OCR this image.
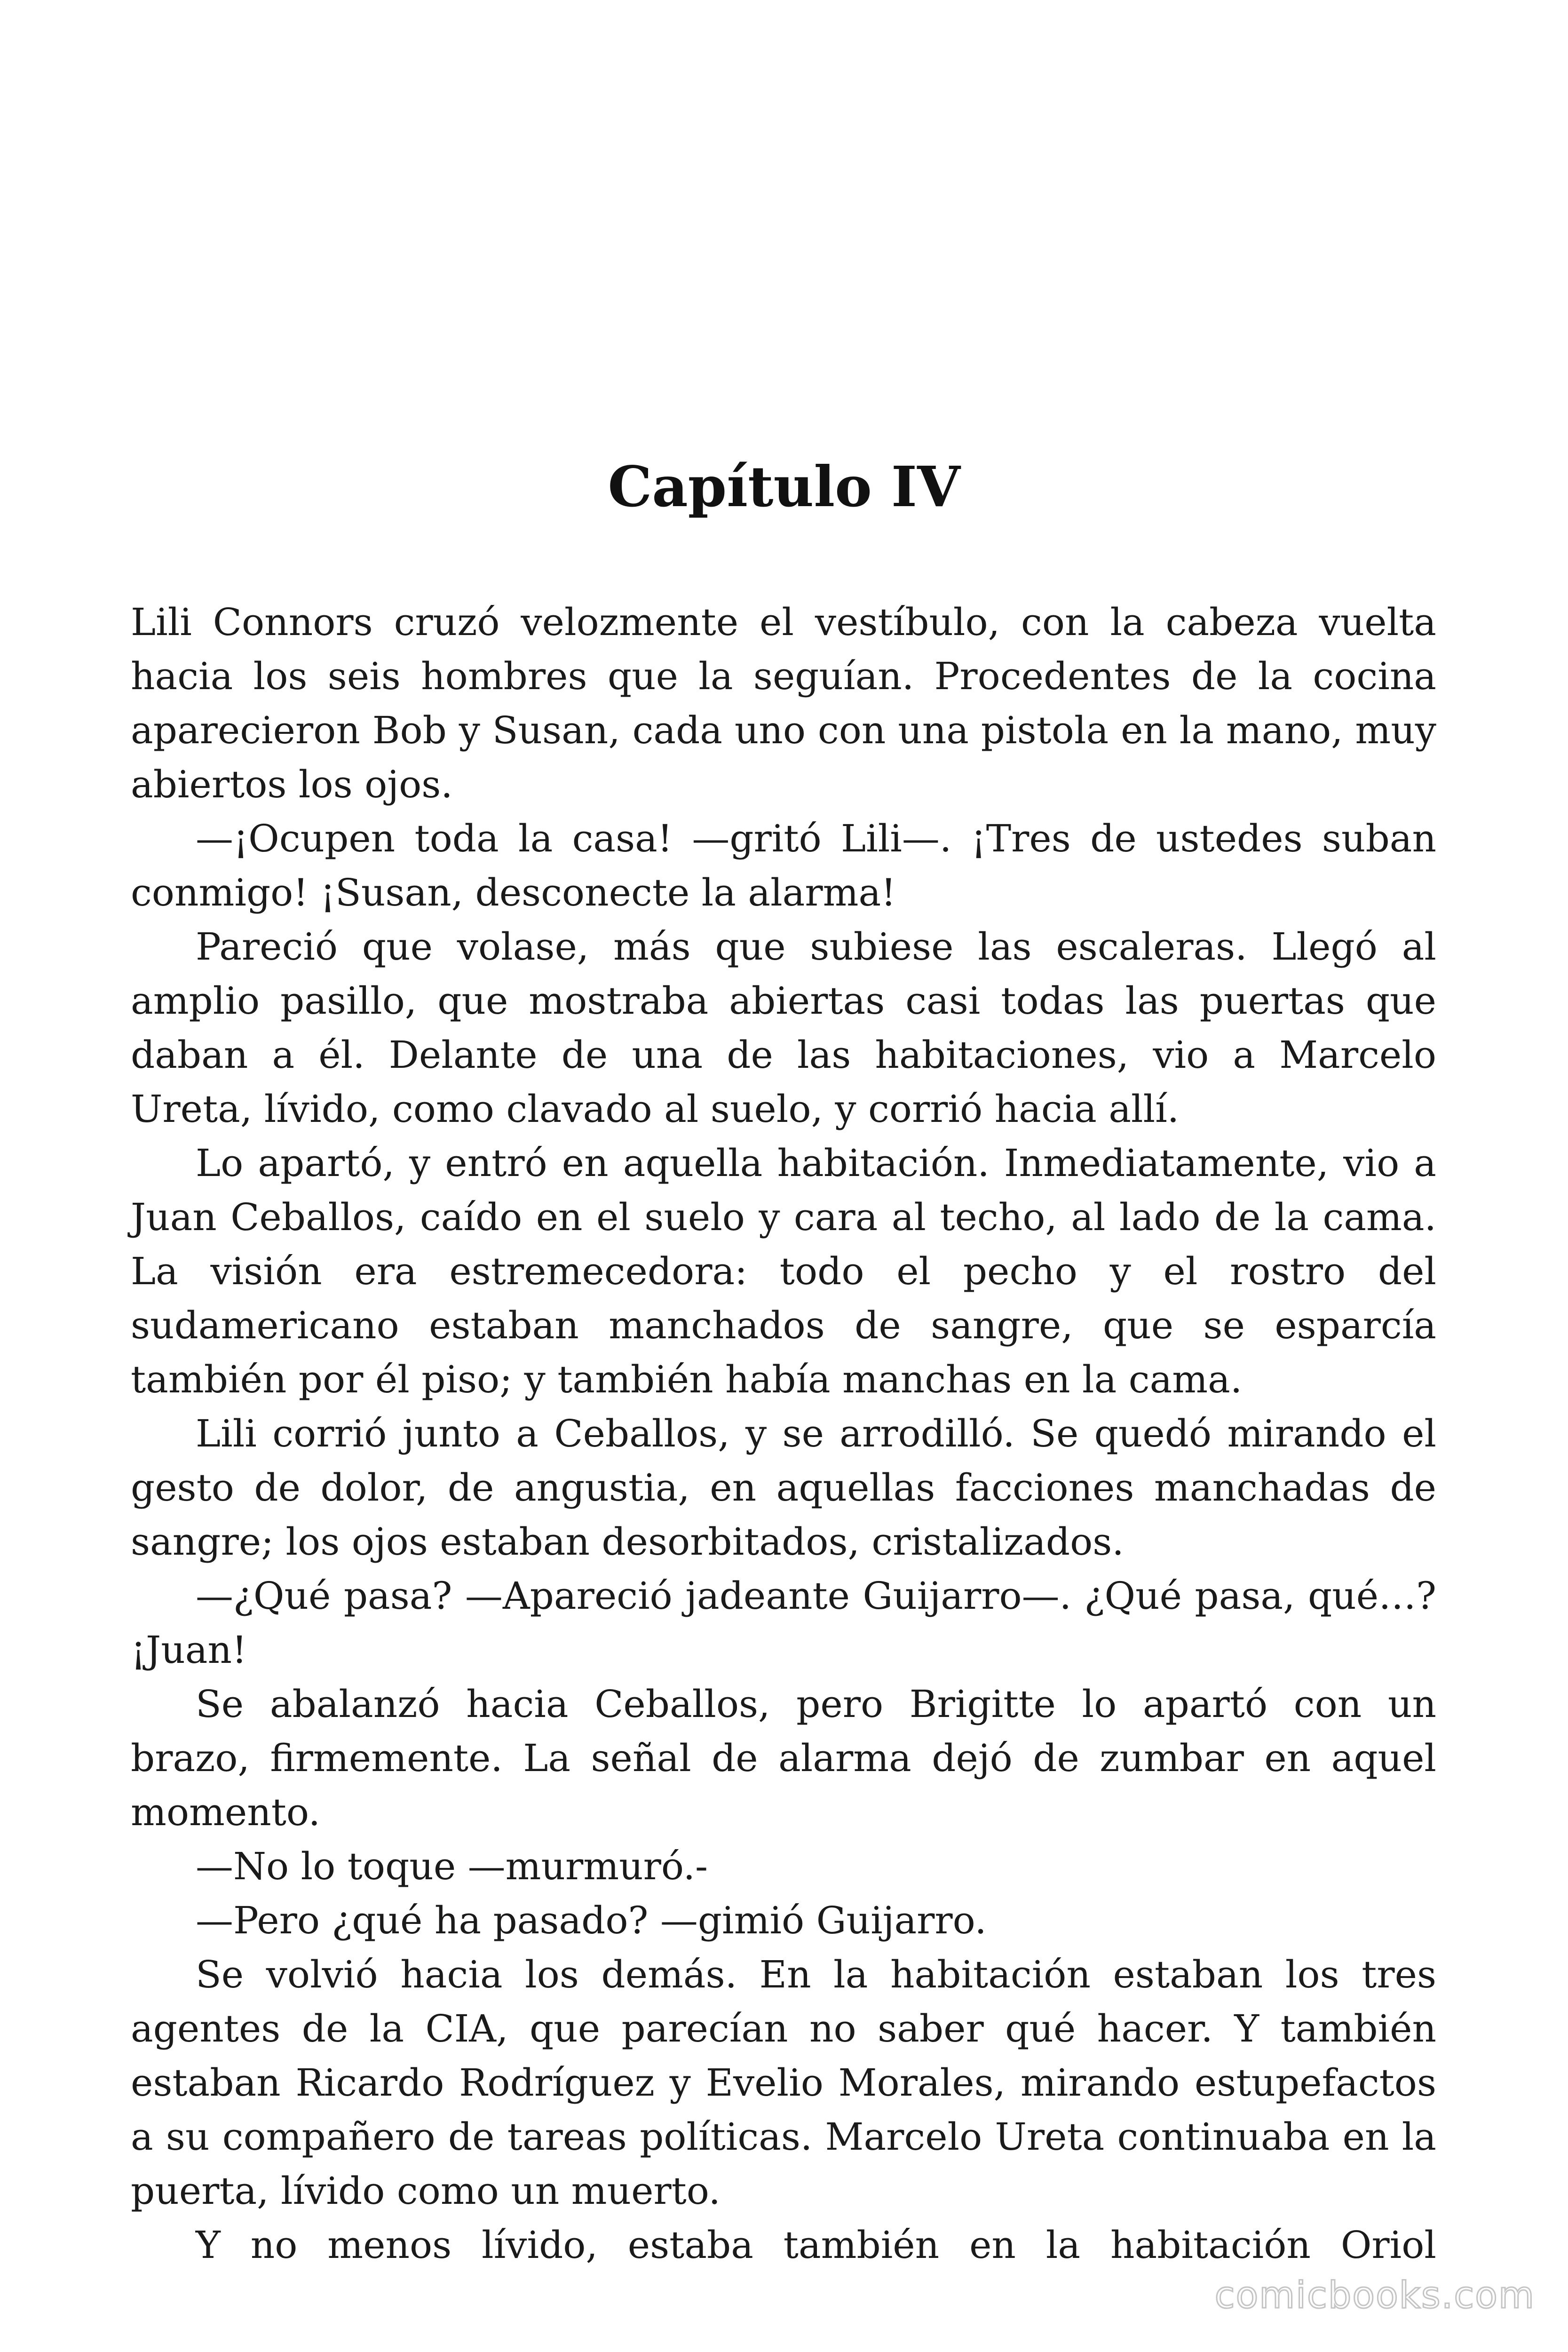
Capítulo IV

Lili Connors cruzó velozmente el vestíbulo, con la cabeza vuelta hacia los seis hombres que la seguían. Procedentes de la cocina aparecieron Bob y Susan, cada uno con una pistola en la mano, muy abiertos los ojos.

—¡Ocupen toda la casa! —gritó Lili—. ¡Tres de ustedes suban conmigo! ¡Susan, desconecte la alarma!

Pareció que volase, más que subiese las escaleras. Llegó al amplio pasillo, que mostraba abiertas casi todas las puertas que daban a él. Delante de una de las habitaciones, vio a Marcelo Ureta, lívido, como clavado al suelo, y corrió hacia allí.

Lo apartó, y entró en aquella habitación. Inmediatamente, vio a Juan Ceballos, caído en el suelo y cara al techo, al lado de la cama. La visión era estremecedora: todo el pecho y el rostro del sudamericano estaban manchados de sangre, que se esparcía también por él piso; y también había manchas en la cama.

Lili corrió junto a Ceballos, y se arrodilló. Se quedó mirando el gesto de dolor, de angustia, en aquellas facciones manchadas de sangre; los ojos estaban desorbitados, cristalizados.

—¿Qué pasa? —Apareció jadeante Guijarro—. ¿Qué pasa, qué…? ¡Juan!

Se abalanzó hacia Ceballos, pero Brigitte lo apartó con un brazo, firmemente. La señal de alarma dejó de zumbar en aquel momento.

—No lo toque —murmuró.-

—Pero ¿qué ha pasado? —gimió Guijarro.

Se volvió hacia los demás. En la habitación estaban los tres agentes de la CIA, que parecían no saber qué hacer. Y también estaban Ricardo Rodríguez y Evelio Morales, mirando estupefactos a su compañero de tareas políticas. Marcelo Ureta continuaba en la puerta, lívido como un muerto.

Y no menos lívido, estaba también en la habitación Oriol

comicbooks.com
